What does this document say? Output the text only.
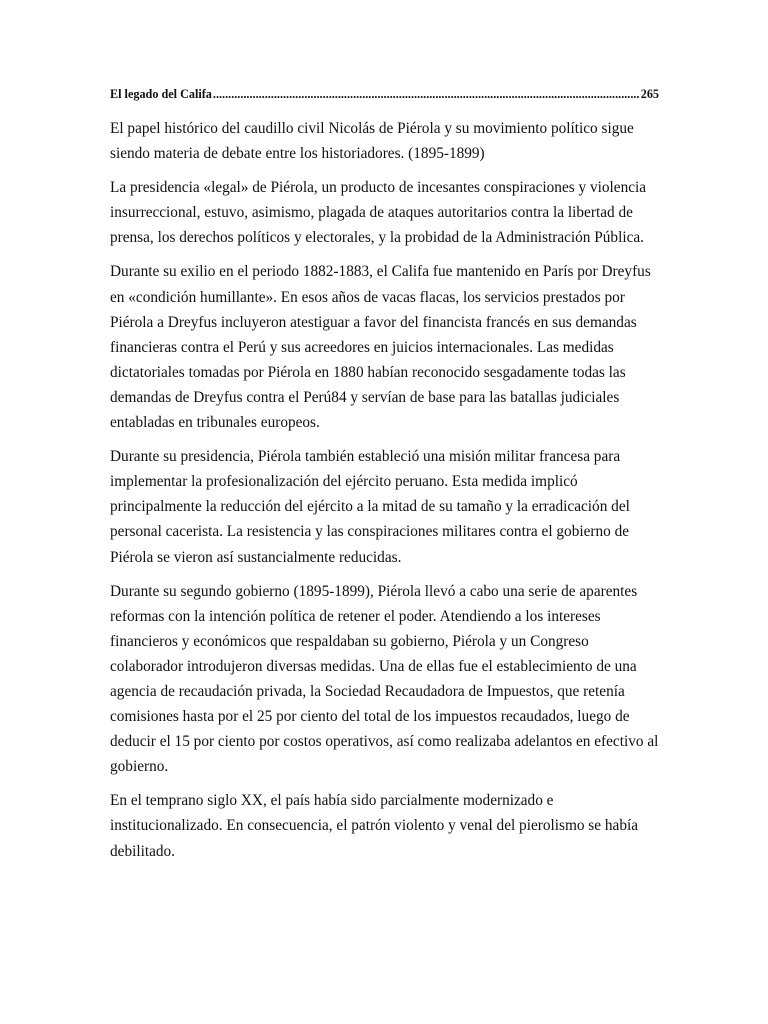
El legado del Califa
.....	265

El papel histórico del caudillo civil Nicolás de Piérola y su movimiento político sigue siendo materia de debate entre los historiadores. (1895-1899)

La presidencia «legal» de Piérola, un producto de incesantes conspiraciones y violencia insurreccional, estuvo, asimismo, plagada de ataques autoritarios contra la libertad de prensa, los derechos políticos y electorales, y la probidad de la Administración Pública.

Durante su exilio en el periodo 1882-1883, el Califa fue mantenido en París por Dreyfus en «condición humillante». En esos años de vacas flacas, los servicios prestados por Piérola a Dreyfus incluyeron atestiguar a favor del financista francés en sus demandas financieras contra el Perú y sus acreedores en juicios internacionales. Las medidas dictatoriales tomadas por Piérola en 1880 habían reconocido sesgadamente todas las demandas de Dreyfus contra el Perú84 y servían de base para las batallas judiciales entabladas en tribunales europeos.

Durante su presidencia, Piérola también estableció una misión militar francesa para implementar la profesionalización del ejército peruano. Esta medida implicó principalmente la reducción del ejército a la mitad de su tamaño y la erradicación del personal cacerista. La resistencia y las conspiraciones militares contra el gobierno de Piérola se vieron así sustancialmente reducidas.

Durante su segundo gobierno (1895-1899), Piérola llevó a cabo una serie de aparentes reformas con la intención política de retener el poder. Atendiendo a los intereses financieros y económicos que respaldaban su gobierno, Piérola y un Congreso colaborador introdujeron diversas medidas. Una de ellas fue el establecimiento de una agencia de recaudación privada, la Sociedad Recaudadora de Impuestos, que retenía comisiones hasta por el 25 por ciento del total de los impuestos recaudados, luego de deducir el 15 por ciento por costos operativos, así como realizaba adelantos en efectivo al gobierno.

En el temprano siglo XX, el país había sido parcialmente modernizado e institucionalizado. En consecuencia, el patrón violento y venal del pierolismo se había debilitado.
